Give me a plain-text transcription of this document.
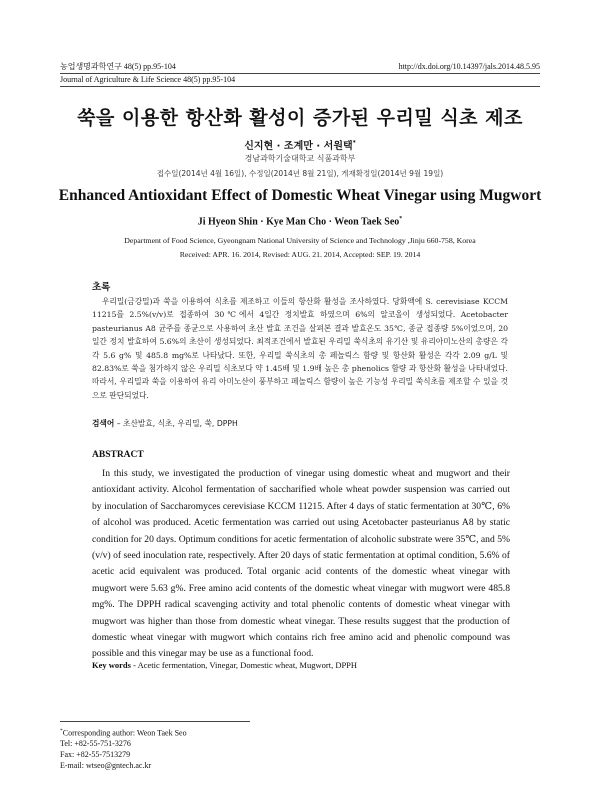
농업생명과학연구 48(5) pp.95-104	http://dx.doi.org/10.14397/jals.2014.48.5.95
Journal of Agriculture & Life Science 48(5) pp.95-104
쑥을 이용한 항산화 활성이 증가된 우리밀 식초 제조
신지현 · 조계만 · 서원택*
경남과학기술대학교 식품과학부
접수일(2014년 4월 16일), 수정일(2014년 8월 21일), 게재확정일(2014년 9월 19일)
Enhanced Antioxidant Effect of Domestic Wheat Vinegar using Mugwort
Ji Hyeon Shin · Kye Man Cho · Weon Taek Seo*
Department of Food Science, Gyeongnam National University of Science and Technology ,Jinju 660-758, Korea
Received: APR. 16. 2014, Revised: AUG. 21. 2014, Accepted: SEP. 19. 2014
초록
우리밀(금강밀)과 쑥을 이용하여 식초를 제조하고 이들의 항산화 활성을 조사하였다. 당화액에 S. cerevisiase KCCM 11215를 2.5%(v/v)로 접종하여 30℃에서 4일간 정치발효 하였으며 6%의 알코올이 생성되었다. Acetobacter pasteurianus A8 균주를 종균으로 사용하여 초산 발효 조건을 살펴본 결과 발효온도 35℃, 종균 접종량 5%이었으며, 20일간 정치 발효하여 5.6%의 초산이 생성되었다. 최적조건에서 발효된 우리밀 쑥식초의 유기산 및 유리아미노산의 총량은 각각 5.6 g% 및 485.8 mg%로 나타났다. 또한, 우리밀 쑥식초의 총 페놀릭스 함량 및 항산화 활성은 각각 2.09 g/L 및 82.83%로 쑥을 첨가하지 않은 우리밀 식초보다 약 1.45배 및 1.9배 높은 총 phenolics 함량 과 항산화 활성을 나타내었다. 따라서, 우리밀과 쑥을 이용하여 유리 아미노산이 풍부하고 페놀릭스 함량이 높은 기능성 우리밀 쑥식초를 제조할 수 있을 것으로 판단되었다.
검색어 – 초산발효, 식초, 우리밀, 쑥, DPPH
ABSTRACT
In this study, we investigated the production of vinegar using domestic wheat and mugwort and their antioxidant activity. Alcohol fermentation of saccharified whole wheat powder suspension was carried out by inoculation of Saccharomyces cerevisiase KCCM 11215. After 4 days of static fermentation at 30℃, 6% of alcohol was produced. Acetic fermentation was carried out using Acetobacter pasteurianus A8 by static condition for 20 days. Optimum conditions for acetic fermentation of alcoholic substrate were 35℃, and 5%(v/v) of seed inoculation rate, respectively. After 20 days of static fermentation at optimal condition, 5.6% of acetic acid equivalent was produced. Total organic acid contents of the domestic wheat vinegar with mugwort were 5.63 g%. Free amino acid contents of the domestic wheat vinegar with mugwort were 485.8 mg%. The DPPH radical scavenging activity and total phenolic contents of domestic wheat vinegar with mugwort was higher than those from domestic wheat vinegar. These results suggest that the production of domestic wheat vinegar with mugwort which contains rich free amino acid and phenolic compound was possible and this vinegar may be use as a functional food.
Key words - Acetic fermentation, Vinegar, Domestic wheat, Mugwort, DPPH
*Corresponding author: Weon Taek Seo
Tel: +82-55-751-3276
Fax: +82-55-7513279
E-mail: wtseo@gntech.ac.kr
